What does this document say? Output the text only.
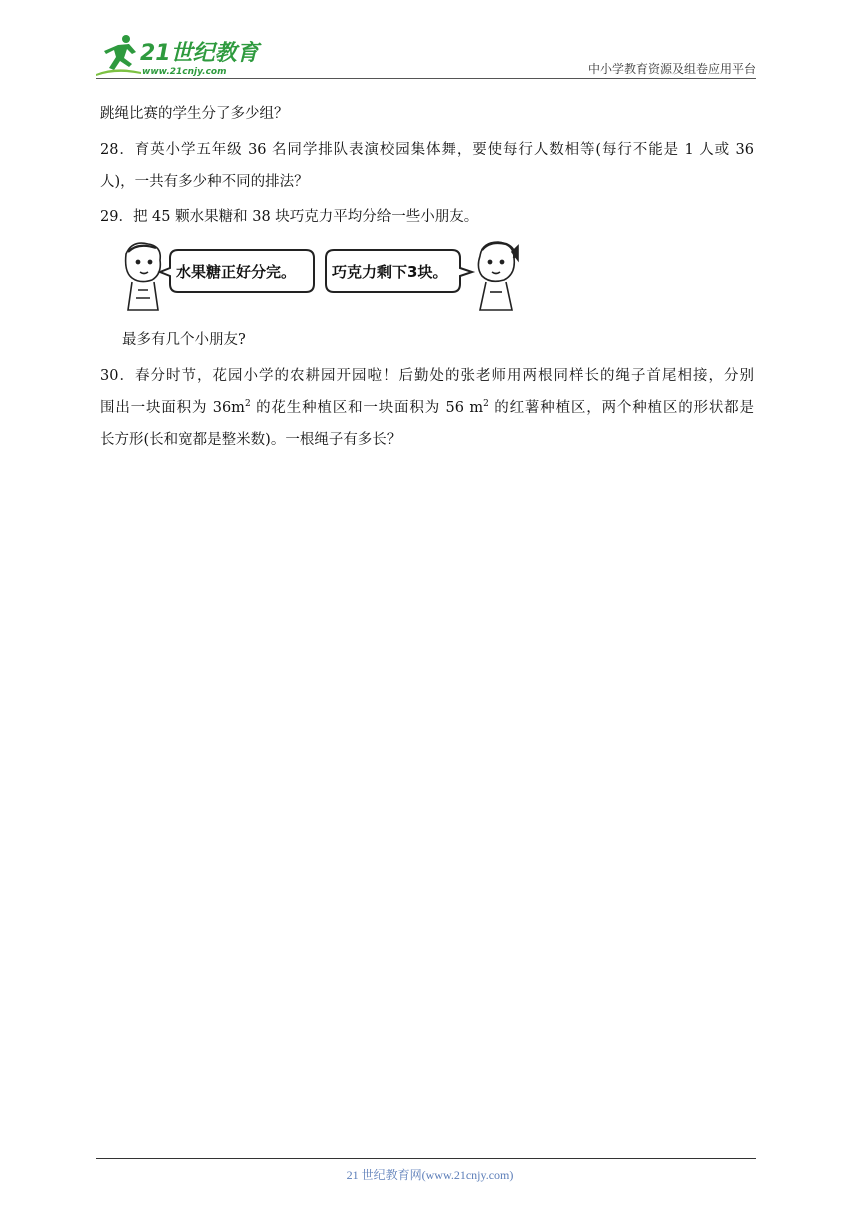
21世纪教育
www.21cnjy.com	中小学教育资源及组卷应用平台
跳绳比赛的学生分了多少组？
28．育英小学五年级 36 名同学排队表演校园集体舞，要使每行人数相等(每行不能是 1 人或 36
人)，一共有多少种不同的排法？
29．把 45 颗水果糖和 38 块巧克力平均分给一些小朋友。
水果糖正好分完。 巧克力剩下3块。
最多有几个小朋友?
30．春分时节，花园小学的农耕园开园啦！后勤处的张老师用两根同样长的绳子首尾相接，分别
围出一块面积为 $36m^2$ 的花生种植区和一块面积为 56 $m^2$ 的红薯种植区，两个种植区的形状都是
长方形(长和宽都是整米数)。一根绳子有多长？
21 世纪教育网(www.21cnjy.com)
